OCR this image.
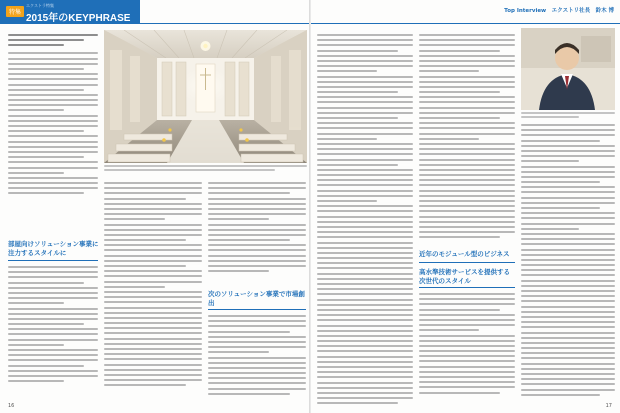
特集
エクストラ特集
2015年のKEYPHRASE
部屋向けソリューション事業に注力するスタイルに
次のソリューション事業で市場創出
16
Top Interview　エクストリ社長　鈴木 博
近年のモジュール型のビジネス
高水準技術サービスを提供する次世代のスタイル
17
